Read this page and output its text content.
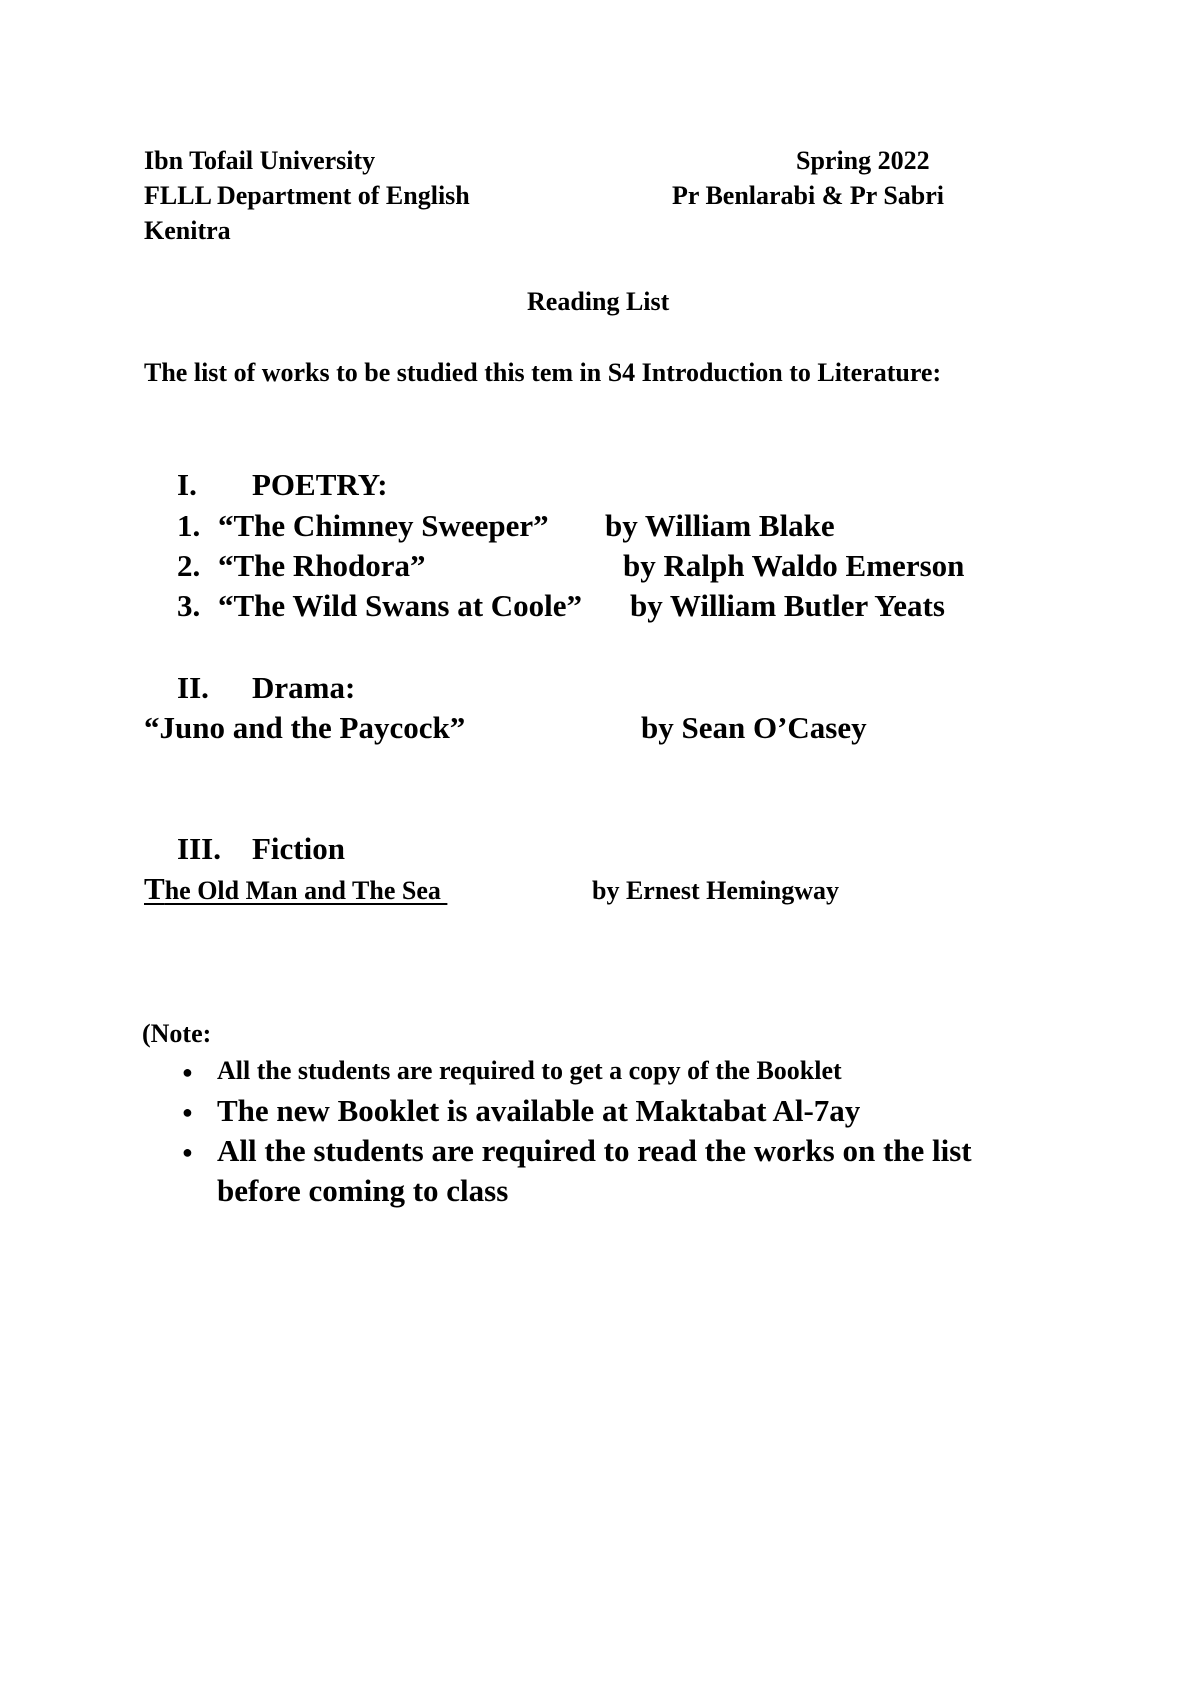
Ibn Tofail University
FLLL Department of English
Kenitra
Spring 2022
Pr Benlarabi & Pr Sabri
Reading List
The list of works to be studied this tem in S4 Introduction to Literature:
I. POETRY:
1. “The Chimney Sweeper” by William Blake
2. “The Rhodora”	by Ralph Waldo Emerson
3. “The Wild Swans at Coole” by William Butler Yeats
II. Drama:
“Juno and the Paycock”	by Sean O’Casey
III. Fiction
The Old Man and The Sea	by Ernest Hemingway
(Note:
● All the students are required to get a copy of the Booklet
● The new Booklet is available at Maktabat Al-7ay
● All the students are required to read the works on the list
before coming to class
